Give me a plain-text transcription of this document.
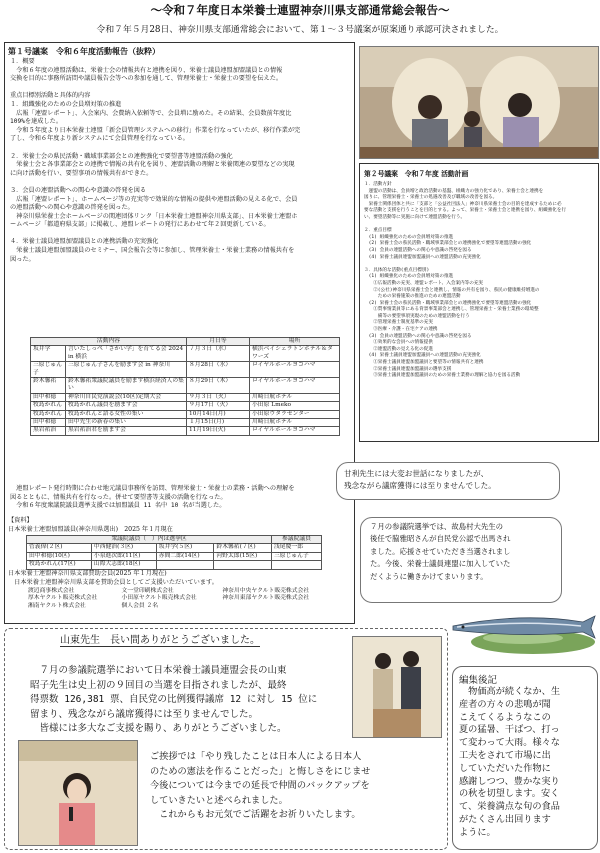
～令和７年度日本栄養士連盟神奈川県支部通常総会報告～
令和７年５月28日、神奈川県支部通常総会において、第１～３号議案が原案通り承認可決されました。
第１号議案　令和６年度活動報告（抜粋）
１．概要
　令和６年度の連盟活動は、栄養士会の情報共有と連携を図り、栄養士議員連盟加盟議員との情報
交換を目的に事務所訪問や議員報告会等への参加を通して、管理栄養士・栄養士の要望を伝えた。

重点目標別活動と具体的内容
１．組織強化のための会員増対策の推進
　広報「連盟レポート」、入会案内、会費納入依頼等で、会員増に励めた。その結果、会員数前年度比
109%を達成した。
　令和５年度より日本栄養士連盟「新会員管理システムへの移行」作業を行なっていたが、移行作業が完
了し、令和６年度より新システムにて会員管理を行なっている。

２．栄養士会の県民活動・職域事業部会との連携強化で要望書等連盟活動の強化
　栄養士会と各事業部会との連携で情報の共有化を図り、連盟活動の理解と栄養関連の要望などの実現
に向け活動を行い、要望事項の情報共有ができた。

３．会員の連盟活動への関心や意識の啓発を図る
　広報「連盟レポート」、ホームページ等の充実等で効果的な情報の提供や連盟活動の見える化で、会員
の連盟活動への関心や意識の啓発を図った。
　神奈川県栄養士会ホームページの関連団体リンク「日本栄養士連盟神奈川県支部」、日本栄養士連盟ホ
ームページ「都道府県支部」に掲載し、連盟レポートの発行にあわせて年２回更新している。

４．栄養士議員連盟加盟議員との連携活動の充実強化
　栄養士議員連盟加盟議員のセミナー、国会報告会等に参加し、管理栄養士・栄養士業務の情報共有を
図った。
活動内容		月日等	場所
坂井学	言いたしっぺ「さかい学」を育てる会 2024 in 横浜	７月３日（水）	横浜ベイシェラトンホテル＆タワーズ
三原じゅん子	三原じゅん子さんを励ます会 in 神奈川	８月28日（水）	ロイヤルホールヨコハマ
鈴木馨祐	鈴木馨祐衆議院議員を励ます横浜経済人の集い	８月29日（木）	ロイヤルホールヨコハマ
田中和徳	神奈川自民党演説会(10区)定期大会	９月３日（火）	川崎日航ホテル
牧島かれん	牧島かれん議員を励ます会	９月17日（火）	小田原 Lmeko
牧島かれん	牧島かれんと語る女性の集い	10月14日(月)	小田原ウタラセンター
田中和徳	田中先生の新春の集い	１月15日(月)	川崎日航ホテル
黒岩祐治	黒岩祐治君を励ます会	11月19日(火)	ロイヤルホールヨコハマ
　連盟レポート発行時期に合わせ地元議員事務所を訪問、管理栄養士・栄養士の業務・活動への理解を
図るとともに、情報共有を行なった。併せて要望書等支援の活動を行なった。
　令和６年度衆議院議員選挙支援では加盟議員 11 名中 10 名が当選した。
【資料】
日本栄養士連盟加盟議員(神奈川県選出)　2025 年１月現在
衆議院議員（　）内は選挙区				参議院議員
菅義偉(２区)	中西健治(３区)	坂井学(５区)	鈴木馨祐(７区)	浅尾慶一郎
田中和徳(10区)	小泉進次郎(11区)	赤間二郎(14区)	河野太郎(15区)	三原じゅん子
牧島かれん(17区)	山際大志郎(18区)			
日本栄養士連盟神奈川県支部賛助会員(2025 年１月現在)
　日本栄養士連盟神奈川県支部を賛助会員としてご支援いただいています。
渡辺商事株式会社	文一堂印刷株式会社	神奈川中央ヤクルト販売株式会社
厚木ヤクルト販売株式会社	小田原ヤクルト販売株式会社	神奈川東部ヤクルト販売株式会社
湘南ヤクルト株式会社	個人会員 ２名	
第２号議案　令和７年度 活動計画
１．活動方針
　運盟の活動は、会員増と政治活動の基盤、組織力の強力化であり、栄養士会と連携を
図りに、管理栄養士・栄養士の処遇改善及び職域の改善を図る。
　栄養士関係団体と共に「支部と「公益社団法人」神奈川県栄養士会の目的を達成するために必
要な活動と支援を行うことを目的とする。よって、栄養士・栄養士会と連携を図り、組織強化を行
い、要望活動等に実施に向けて連盟活動を行う。

２．重点目標
　(1) 組織強化のための会員増対策の推進
　(2) 栄養士会の県民活動・職域事業部会との連携強化で要望等連盟活動の強化
　(3) 会員の連盟活動への関心や意識の啓発を図る
　(4) 栄養士議員連盟加盟議員への連盟活動の充実強化

３．具体的な活動(重点目標別)
　(1) 組織強化のための会員増対策の推進
　　①広報活動の充実、連盟レポート、入会案内等の充実
　　②(公社)神奈川県栄養士会と連携し、情報の共有を図り、県民の健康維持増進の
　　　ための栄養施策の推進のための連盟活動
　(2) 栄養士会の県民活動・職域事業部会との連携強化で要望等連盟活動の強化
　　①賛事情業員等にある背景事業部会と連携し、管理栄養士・栄養士業務の環境整
　　　備等の要望事項実現のための連盟活動を行う
　　②管理栄養士制度基準の充実
　　③医療・介護・在宅ケアの連携
　(3) 会員の連盟活動への関心や意識の啓発を図る
　　①効果的な会員への情報提供
　　②連盟活動の見える化の促進
　(4) 栄養士議員連盟加盟議員への連盟活動の充実強化
　　①栄養士議員連盟加盟議員と要望等の情報共有と連携
　　②栄養士議員連盟加盟議員の選挙支援
　　③栄養士議員連盟加盟議員のための栄養士業務の理解と協力を図る活動
甘利先生には大変お世話になりましたが、
残念ながら議席獲得には至りませんでした。
７月の参議院選挙では、故島村大先生の
後任で脇雅昭さんが自民党公認で出馬され
ました。応援させていただき当選されまし
た。今後、栄養士議員連盟に加入していた
だくように働きかけてまいります。
山東先生　長い間ありがとうございました。
　７月の参議院選挙において日本栄養士議員連盟会長の山東
昭子先生は史上初の９回目の当選を目指されましたが、最終
得票数 126,381 票、自民党の比例獲得議席 12 に対し 15 位に
留まり、残念ながら議席獲得には至りませんでした。
　皆様には多大なご支援を賜り、ありがとうございました。
ご挨拶では「やり残したことは日本人による日本人
のための憲法を作ることだった」と悔しさをにじませ
今後については今までの延長で仲間のバックアップを
していきたいと述べられました。
　これからもお元気でご活躍をお祈りいたします。
編集後記
　物価高が続くなか、生
産者の方々の悲鳴が聞
こえてくるようなこの
夏の猛暑、干ばつ、打っ
て変わって大雨。様々な
工夫をされて市場に出
していただいた作物に
感謝しつつ、豊かな実り
の秋を切望します。安く
て、栄養満点な旬の食品
がたくさん出回ります
ように。
